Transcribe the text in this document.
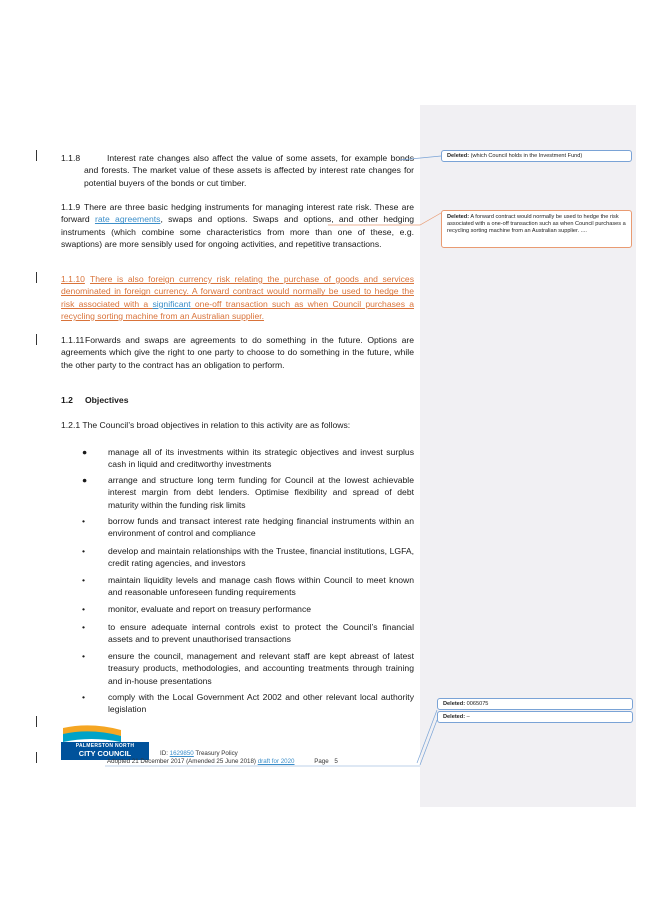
1.1.8	Interest rate changes also affect the value of some assets, for example bonds and forests. The market value of these assets is affected by interest rate changes for potential buyers of the bonds or cut timber.
1.1.9 There are three basic hedging instruments for managing interest rate risk. These are forward rate agreements, swaps and options. Swaps and options, and other hedging instruments (which combine some characteristics from more than one of these, e.g. swaptions) are more sensibly used for ongoing activities, and repetitive transactions.
1.1.10 There is also foreign currency risk relating the purchase of goods and services denominated in foreign currency. A forward contract would normally be used to hedge the risk associated with a significant one-off transaction such as when Council purchases a recycling sorting machine from an Australian supplier.
1.1.11 Forwards and swaps are agreements to do something in the future. Options are agreements which give the right to one party to choose to do something in the future, while the other party to the contract has an obligation to perform.
1.2 Objectives
1.2.1 The Council’s broad objectives in relation to this activity are as follows:
● manage all of its investments within its strategic objectives and invest surplus cash in liquid and creditworthy investments
● arrange and structure long term funding for Council at the lowest achievable interest margin from debt lenders. Optimise flexibility and spread of debt maturity within the funding risk limits
•	borrow funds and transact interest rate hedging financial instruments within an environment of control and compliance
•	develop and maintain relationships with the Trustee, financial institutions, LGFA, credit rating agencies, and investors
•	maintain liquidity levels and manage cash flows within Council to meet known and reasonable unforeseen funding requirements
•	monitor, evaluate and report on treasury performance
•	to ensure adequate internal controls exist to protect the Council’s financial assets and to prevent unauthorised transactions
•	ensure the council, management and relevant staff are kept abreast of latest treasury products, methodologies, and accounting treatments through training and in-house presentations
•	comply with the Local Government Act 2002 and other relevant local authority legislation
Deleted: (which Council holds in the Investment Fund)
Deleted: A forward contract would normally be used to hedge the risk associated with a one-off transaction such as when Council purchases a recycling sorting machine from an Australian supplier. ....
Deleted: 0065075
Deleted: –
PALMERSTON NORTH
CITY COUNCIL	ID: 1629850 Treasury Policy
Adopted 21 December 2017 (Amended 25 June 2018) draft for 2020	Page 5
